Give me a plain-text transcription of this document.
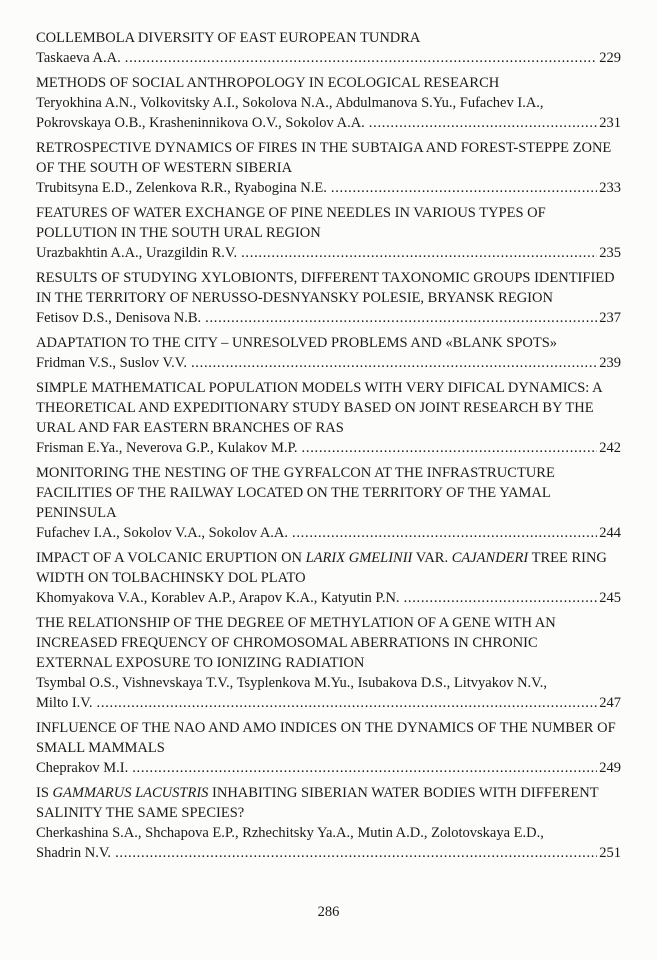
COLLEMBOLA DIVERSITY OF EAST EUROPEAN TUNDRA
Taskaeva A.A. .....	229
METHODS OF SOCIAL ANTHROPOLOGY IN ECOLOGICAL RESEARCH
Teryokhina A.N., Volkovitsky A.I., Sokolova N.A., Abdulmanova S.Yu., Fufachev I.A.,
Pokrovskaya O.B., Krasheninnikova O.V., Sokolov A.A. .....	231
RETROSPECTIVE DYNAMICS OF FIRES IN THE SUBTAIGA AND FOREST-STEPPE ZONE
OF THE SOUTH OF WESTERN SIBERIA
Trubitsyna E.D., Zelenkova R.R., Ryabogina N.E. .....	233
FEATURES OF WATER EXCHANGE OF PINE NEEDLES IN VARIOUS TYPES OF
POLLUTION IN THE SOUTH URAL REGION
Urazbakhtin A.A., Urazgildin R.V. .....	235
RESULTS OF STUDYING XYLOBIONTS, DIFFERENT TAXONOMIC GROUPS IDENTIFIED
IN THE TERRITORY OF NERUSSO-DESNYANSKY POLESIE, BRYANSK REGION
Fetisov D.S., Denisova N.B. .....	237
ADAPTATION TO THE CITY – UNRESOLVED PROBLEMS AND «BLANK SPOTS»
Fridman V.S., Suslov V.V. .....	239
SIMPLE MATHEMATICAL POPULATION MODELS WITH VERY DIFICAL DYNAMICS: A
THEORETICAL AND EXPEDITIONARY STUDY BASED ON JOINT RESEARCH BY THE
URAL AND FAR EASTERN BRANCHES OF RAS
Frisman E.Ya., Neverova G.P., Kulakov M.P. .....	242
MONITORING THE NESTING OF THE GYRFALCON AT THE INFRASTRUCTURE
FACILITIES OF THE RAILWAY LOCATED ON THE TERRITORY OF THE YAMAL
PENINSULA
Fufachev I.A., Sokolov V.A., Sokolov A.A. .....	244
IMPACT OF A VOLCANIC ERUPTION ON LARIX GMELINII VAR. CAJANDERI TREE RING
WIDTH ON TOLBACHINSKY DOL PLATO
Khomyakova V.A., Korablev A.P., Arapov K.A., Katyutin P.N. .....	245
THE RELATIONSHIP OF THE DEGREE OF METHYLATION OF A GENE WITH AN
INCREASED FREQUENCY OF CHROMOSOMAL ABERRATIONS IN CHRONIC
EXTERNAL EXPOSURE TO IONIZING RADIATION
Tsymbal O.S., Vishnevskaya T.V., Tsyplenkova M.Yu., Isubakova D.S., Litvyakov N.V.,
Milto I.V. .....	247
INFLUENCE OF THE NAO AND AMO INDICES ON THE DYNAMICS OF THE NUMBER OF
SMALL MAMMALS
Cheprakov M.I. .....	249
IS GAMMARUS LACUSTRIS INHABITING SIBERIAN WATER BODIES WITH DIFFERENT
SALINITY THE SAME SPECIES?
Cherkashina S.A., Shchapova E.P., Rzhechitsky Ya.A., Mutin A.D., Zolotovskaya E.D.,
Shadrin N.V. .....	251
286
